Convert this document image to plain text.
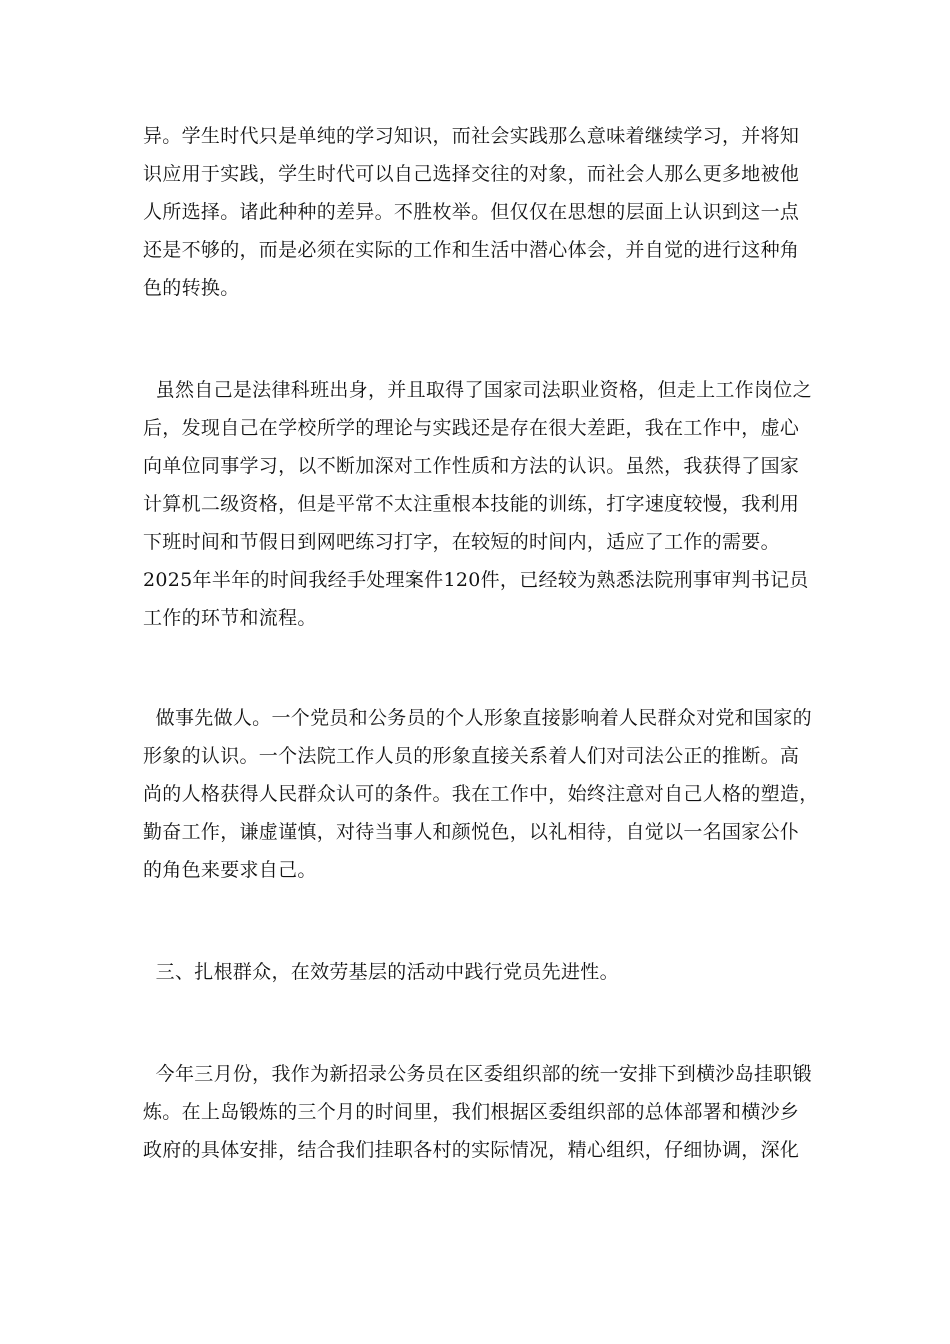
异。学生时代只是单纯的学习知识，而社会实践那么意味着继续学习，并将知
识应用于实践，学生时代可以自己选择交往的对象，而社会人那么更多地被他
人所选择。诸此种种的差异。不胜枚举。但仅仅在思想的层面上认识到这一点
还是不够的，而是必须在实际的工作和生活中潜心体会，并自觉的进行这种角
色的转换。
虽然自己是法律科班出身，并且取得了国家司法职业资格，但走上工作岗位之
后，发现自己在学校所学的理论与实践还是存在很大差距，我在工作中，虚心
向单位同事学习，以不断加深对工作性质和方法的认识。虽然，我获得了国家
计算机二级资格，但是平常不太注重根本技能的训练，打字速度较慢，我利用
下班时间和节假日到网吧练习打字，在较短的时间内，适应了工作的需要。
2025年半年的时间我经手处理案件120件，已经较为熟悉法院刑事审判书记员
工作的环节和流程。
做事先做人。一个党员和公务员的个人形象直接影响着人民群众对党和国家的
形象的认识。一个法院工作人员的形象直接关系着人们对司法公正的推断。高
尚的人格获得人民群众认可的条件。我在工作中，始终注意对自己人格的塑造，
勤奋工作，谦虚谨慎，对待当事人和颜悦色，以礼相待，自觉以一名国家公仆
的角色来要求自己。
三、扎根群众，在效劳基层的活动中践行党员先进性。
今年三月份，我作为新招录公务员在区委组织部的统一安排下到横沙岛挂职锻
炼。在上岛锻炼的三个月的时间里，我们根据区委组织部的总体部署和横沙乡
政府的具体安排，结合我们挂职各村的实际情况，精心组织，仔细协调，深化
